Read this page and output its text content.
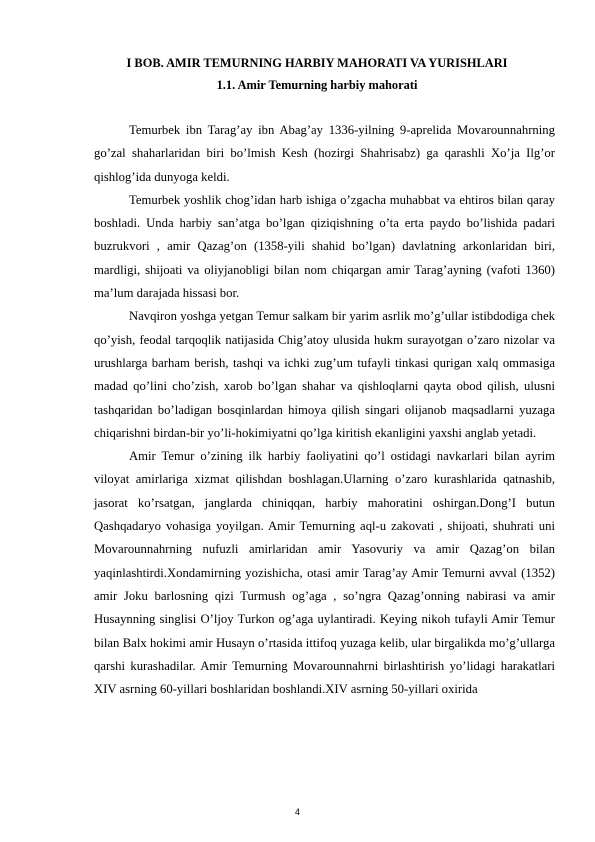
I BOB. AMIR TEMURNING HARBIY MAHORATI VA YURISHLARI
1.1. Amir Temurning harbiy mahorati

Temurbek ibn Tarag’ay ibn Abag’ay 1336-yilning 9-aprelida Movarounnahrning go’zal shaharlaridan biri bo’lmish Kesh (hozirgi Shahrisabz) ga qarashli Xo’ja Ilg’or qishlog’ida dunyoga keldi.

Temurbek yoshlik chog’idan harb ishiga o’zgacha muhabbat va ehtiros bilan qaray boshladi. Unda harbiy san’atga bo’lgan qiziqishning o’ta erta paydo bo’lishida padari buzrukvori , amir Qazag’on (1358-yili shahid bo’lgan) davlatning arkonlaridan biri, mardligi, shijoati va oliyjanobligi bilan nom chiqargan amir Tarag’ayning (vafoti 1360) ma’lum darajada hissasi bor.

Navqiron yoshga yetgan Temur salkam bir yarim asrlik mo’g’ullar istibdodiga chek qo’yish, feodal tarqoqlik natijasida Chig’atoy ulusida hukm surayotgan o’zaro nizolar va urushlarga barham berish, tashqi va ichki zug’um tufayli tinkasi qurigan xalq ommasiga madad qo’lini cho’zish, xarob bo’lgan shahar va qishloqlarni qayta obod qilish, ulusni tashqaridan bo’ladigan bosqinlardan himoya qilish singari olijanob maqsadlarni yuzaga chiqarishni birdan-bir yo’li-hokimiyatni qo’lga kiritish ekanligini yaxshi anglab yetadi.

Amir Temur o’zining ilk harbiy faoliyatini qo’l ostidagi navkarlari bilan ayrim viloyat amirlariga xizmat qilishdan boshlagan.Ularning o’zaro kurashlarida qatnashib, jasorat ko’rsatgan, janglarda chiniqqan, harbiy mahoratini oshirgan.Dong’I butun Qashqadaryo vohasiga yoyilgan. Amir Temurning aql-u zakovati , shijoati, shuhrati uni Movarounnahrning nufuzli amirlaridan amir Yasovuriy va amir Qazag’on bilan yaqinlashtirdi.Xondamirning yozishicha, otasi amir Tarag’ay Amir Temurni avval (1352) amir Joku barlosning qizi Turmush og’aga , so’ngra Qazag’onning nabirasi va amir Husaynning singlisi O’ljoy Turkon og’aga uylantiradi. Keying nikoh tufayli Amir Temur bilan Balx hokimi amir Husayn o’rtasida ittifoq yuzaga kelib, ular birgalikda mo’g’ullarga qarshi kurashadilar. Amir Temurning Movarounnahrni birlashtirish yo’lidagi harakatlari XIV asrning 60-yillari boshlaridan boshlandi.XIV asrning 50-yillari oxirida

4
